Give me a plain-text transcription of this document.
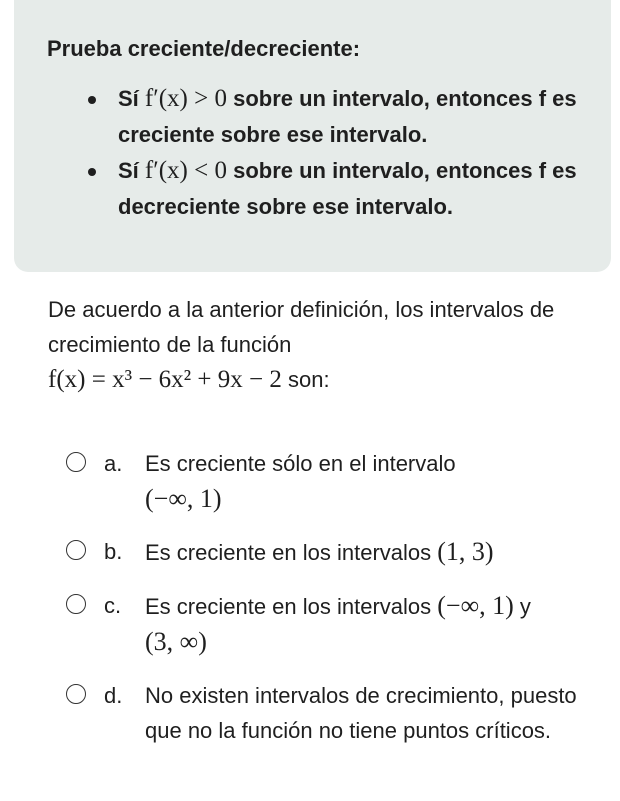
Prueba creciente/decreciente:
Sí f′(x) > 0 sobre un intervalo, entonces f es creciente sobre ese intervalo.
Sí f′(x) < 0 sobre un intervalo, entonces f es decreciente sobre ese intervalo.
De acuerdo a la anterior definición, los intervalos de crecimiento de la función
f(x) = x³ − 6x² + 9x − 2 son:
a. Es creciente sólo en el intervalo
(−∞, 1)
b. Es creciente en los intervalos (1, 3)
c. Es creciente en los intervalos (−∞, 1) y
(3, ∞)
d. No existen intervalos de crecimiento, puesto que no la función no tiene puntos críticos.
